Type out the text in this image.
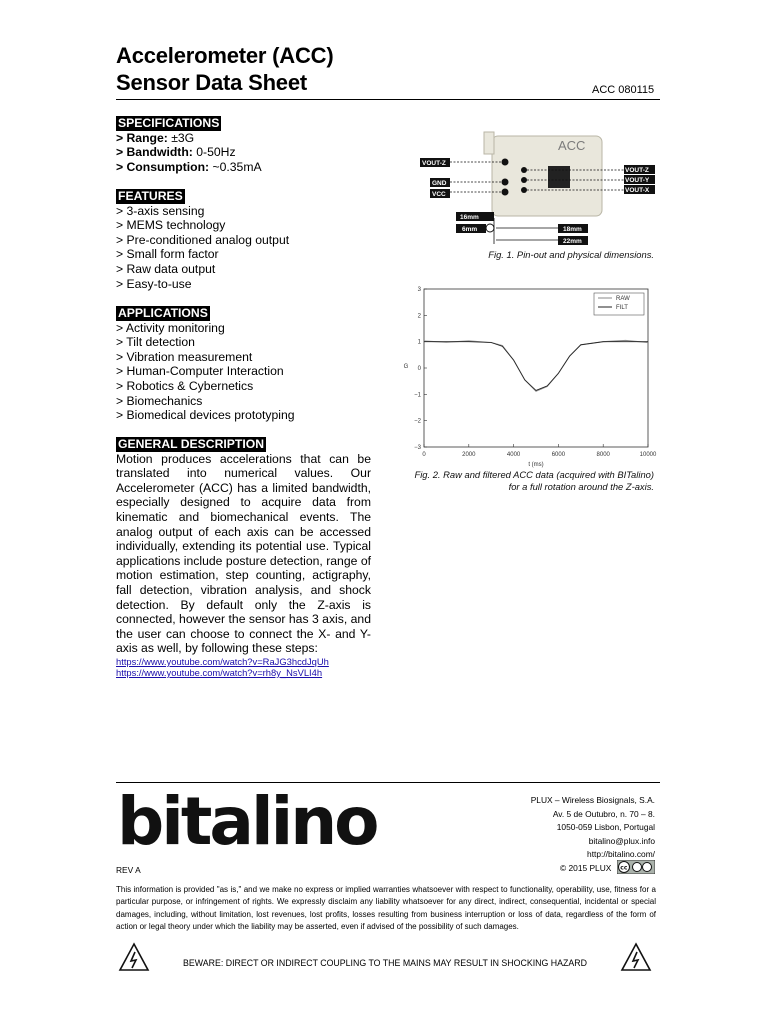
Accelerometer (ACC)
Sensor Data Sheet	ACC 080115
SPECIFICATIONS
> Range: ±3G
> Bandwidth: 0-50Hz
> Consumption: ~0.35mA
FEATURES
> 3-axis sensing
> MEMS technology
> Pre-conditioned analog output
> Small form factor
> Raw data output
> Easy-to-use
APPLICATIONS
> Activity monitoring
> Tilt detection
> Vibration measurement
> Human-Computer Interaction
> Robotics & Cybernetics
> Biomechanics
> Biomedical devices prototyping
GENERAL DESCRIPTION

Motion produces accelerations that can be translated into numerical values. Our Accelerometer (ACC) has a limited bandwidth, especially designed to acquire data from kinematic and biomechanical events. The analog output of each axis can be accessed individually, extending its potential use. Typical applications include posture detection, range of motion estimation, step counting, actigraphy, fall detection, vibration analysis, and shock detection. By default only the Z-axis is connected, however the sensor has 3 axis, and the user can choose to connect the X- and Y-axis as well, by following these steps:

https://www.youtube.com/watch?v=RaJG3hcdJqUh
https://www.youtube.com/watch?v=rh8y_NsVLI4h
ACC
VOUT-Z
GND
VCC
VOUT-Z
VOUT-Y
VOUT-X
16mm
6mm	18mm
22mm
Fig. 1. Pin-out and physical dimensions.
0	2000	4000	6000	8000	10000
3
2
1
0
−1
−2
−3
t (ms)
G
RAW
FILT
Fig. 2. Raw and filtered ACC data (acquired with BITalino)
for a full rotation around the Z-axis.
bitalino	PLUX – Wireless Biosignals, S.A.
Av. 5 de Outubro, n. 70 – 8.
1050-059 Lisbon, Portugal
bitalino@plux.info
http://bitalino.com/
REV A	© 2015 PLUX cc

This information is provided "as is," and we make no express or implied warranties whatsoever with respect to functionality, operability, use, fitness for a particular purpose, or infringement of rights. We expressly disclaim any liability whatsoever for any direct, indirect, consequential, incidental or special damages, including, without limitation, lost revenues, lost profits, losses resulting from business interruption or loss of data, regardless of the form of action or legal theory under which the liability may be asserted, even if advised of the possibility of such damages.

BEWARE: DIRECT OR INDIRECT COUPLING TO THE MAINS MAY RESULT IN SHOCKING HAZARD
